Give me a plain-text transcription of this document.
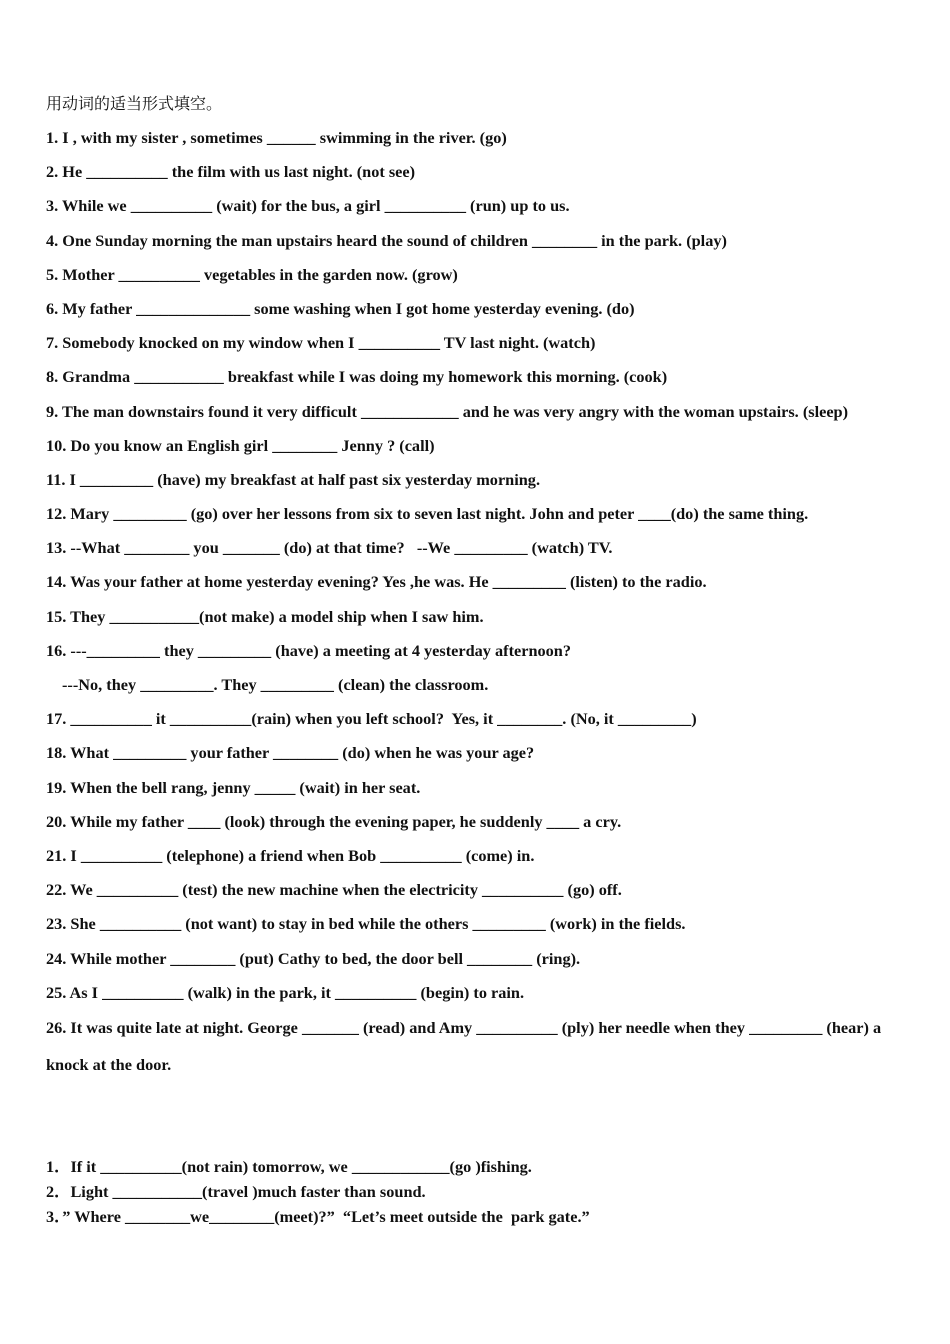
用动词的适当形式填空。
1. I , with my sister , sometimes ______ swimming in the river. (go)
2. He __________ the film with us last night. (not see)
3. While we __________ (wait) for the bus, a girl __________ (run) up to us.
4. One Sunday morning the man upstairs heard the sound of children ________ in the park. (play)
5. Mother __________ vegetables in the garden now. (grow)
6. My father ______________ some washing when I got home yesterday evening. (do)
7. Somebody knocked on my window when I __________ TV last night. (watch)
8. Grandma ___________ breakfast while I was doing my homework this morning. (cook)
9. The man downstairs found it very difficult ____________ and he was very angry with the woman upstairs. (sleep)
10. Do you know an English girl ________ Jenny ? (call)
11. I _________ (have) my breakfast at half past six yesterday morning.
12. Mary _________ (go) over her lessons from six to seven last night. John and peter ____(do) the same thing.
13. --What ________ you _______ (do) at that time?   --We _________ (watch) TV.
14. Was your father at home yesterday evening? Yes ,he was. He _________ (listen) to the radio.
15. They ___________(not make) a model ship when I saw him.
16. ---_________ they _________ (have) a meeting at 4 yesterday afternoon?
---No, they _________. They _________ (clean) the classroom.
17. __________ it __________(rain) when you left school?  Yes, it ________. (No, it _________)
18. What _________ your father ________ (do) when he was your age?
19. When the bell rang, jenny _____ (wait) in her seat.
20. While my father ____ (look) through the evening paper, he suddenly ____ a cry.
21. I __________ (telephone) a friend when Bob __________ (come) in.
22. We __________ (test) the new machine when the electricity __________ (go) off.
23. She __________ (not want) to stay in bed while the others _________ (work) in the fields.
24. While mother ________ (put) Cathy to bed, the door bell ________ (ring).
25. As I __________ (walk) in the park, it __________ (begin) to rain.
26. It was quite late at night. George _______ (read) and Amy __________ (ply) her needle when they _________ (hear) a knock at the door.
1．If it __________(not rain) tomorrow, we ____________(go )fishing.
2．Light ___________(travel )much faster than sound.
3．” Where ________we________(meet)?”  “Let’s meet outside the  park gate.”
